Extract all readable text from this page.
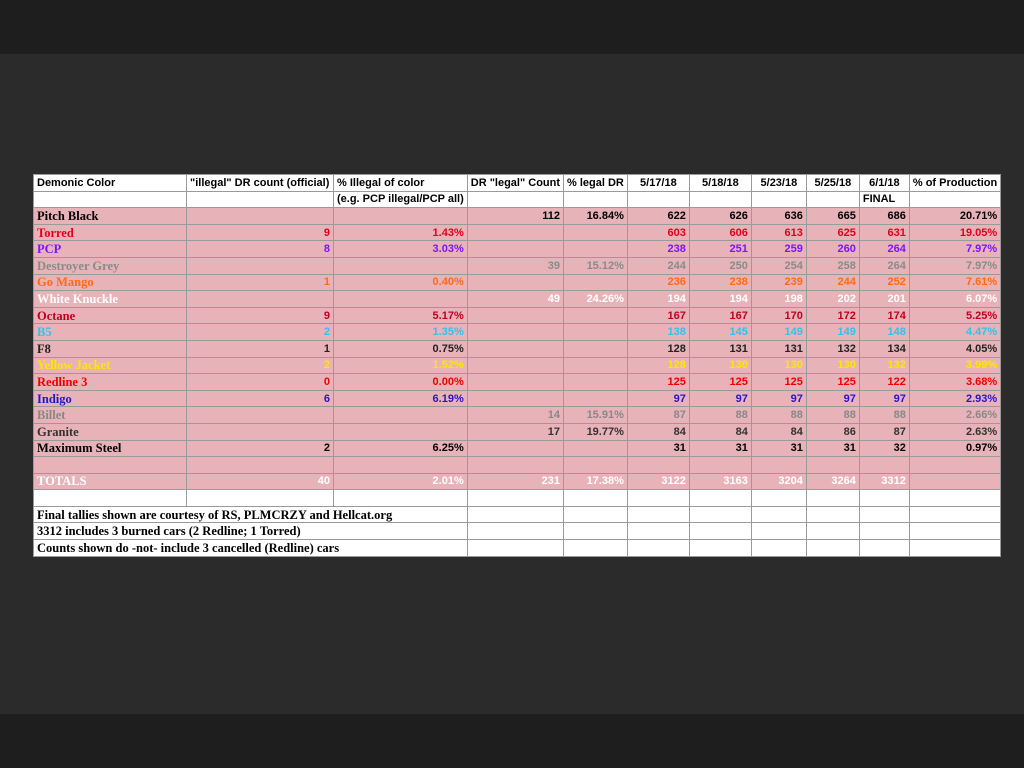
Demonic Color	"illegal" DR count (official)	% Illegal of color	DR "legal" Count	% legal DR	5/17/18	5/18/18	5/23/18	5/25/18	6/1/18	% of Production
		(e.g. PCP illegal/PCP all)							FINAL	
Pitch Black			112	16.84%	622	626	636	665	686	20.71%
Torred	9	1.43%			603	606	613	625	631	19.05%
PCP	8	3.03%			238	251	259	260	264	7.97%
Destroyer Grey			39	15.12%	244	250	254	258	264	7.97%
Go Mango	1	0.40%			236	238	239	244	252	7.61%
White Knuckle			49	24.26%	194	194	198	202	201	6.07%
Octane	9	5.17%			167	167	170	172	174	5.25%
B5	2	1.35%			138	145	149	149	148	4.47%
F8	1	0.75%			128	131	131	132	134	4.05%
Yellow Jacket	2	1.52%			128	130	130	130	132	3.99%
Redline 3	0	0.00%			125	125	125	125	122	3.68%
Indigo	6	6.19%			97	97	97	97	97	2.93%
Billet			14	15.91%	87	88	88	88	88	2.66%
Granite			17	19.77%	84	84	84	86	87	2.63%
Maximum Steel	2	6.25%			31	31	31	31	32	0.97%

TOTALS	40	2.01%	231	17.38%	3122	3163	3204	3264	3312	

Final tallies shown are courtesy of RS, PLMCRZY and Hellcat.org										
3312 includes 3 burned cars (2 Redline; 1 Torred)										
Counts shown do -not- include 3 cancelled (Redline) cars										
